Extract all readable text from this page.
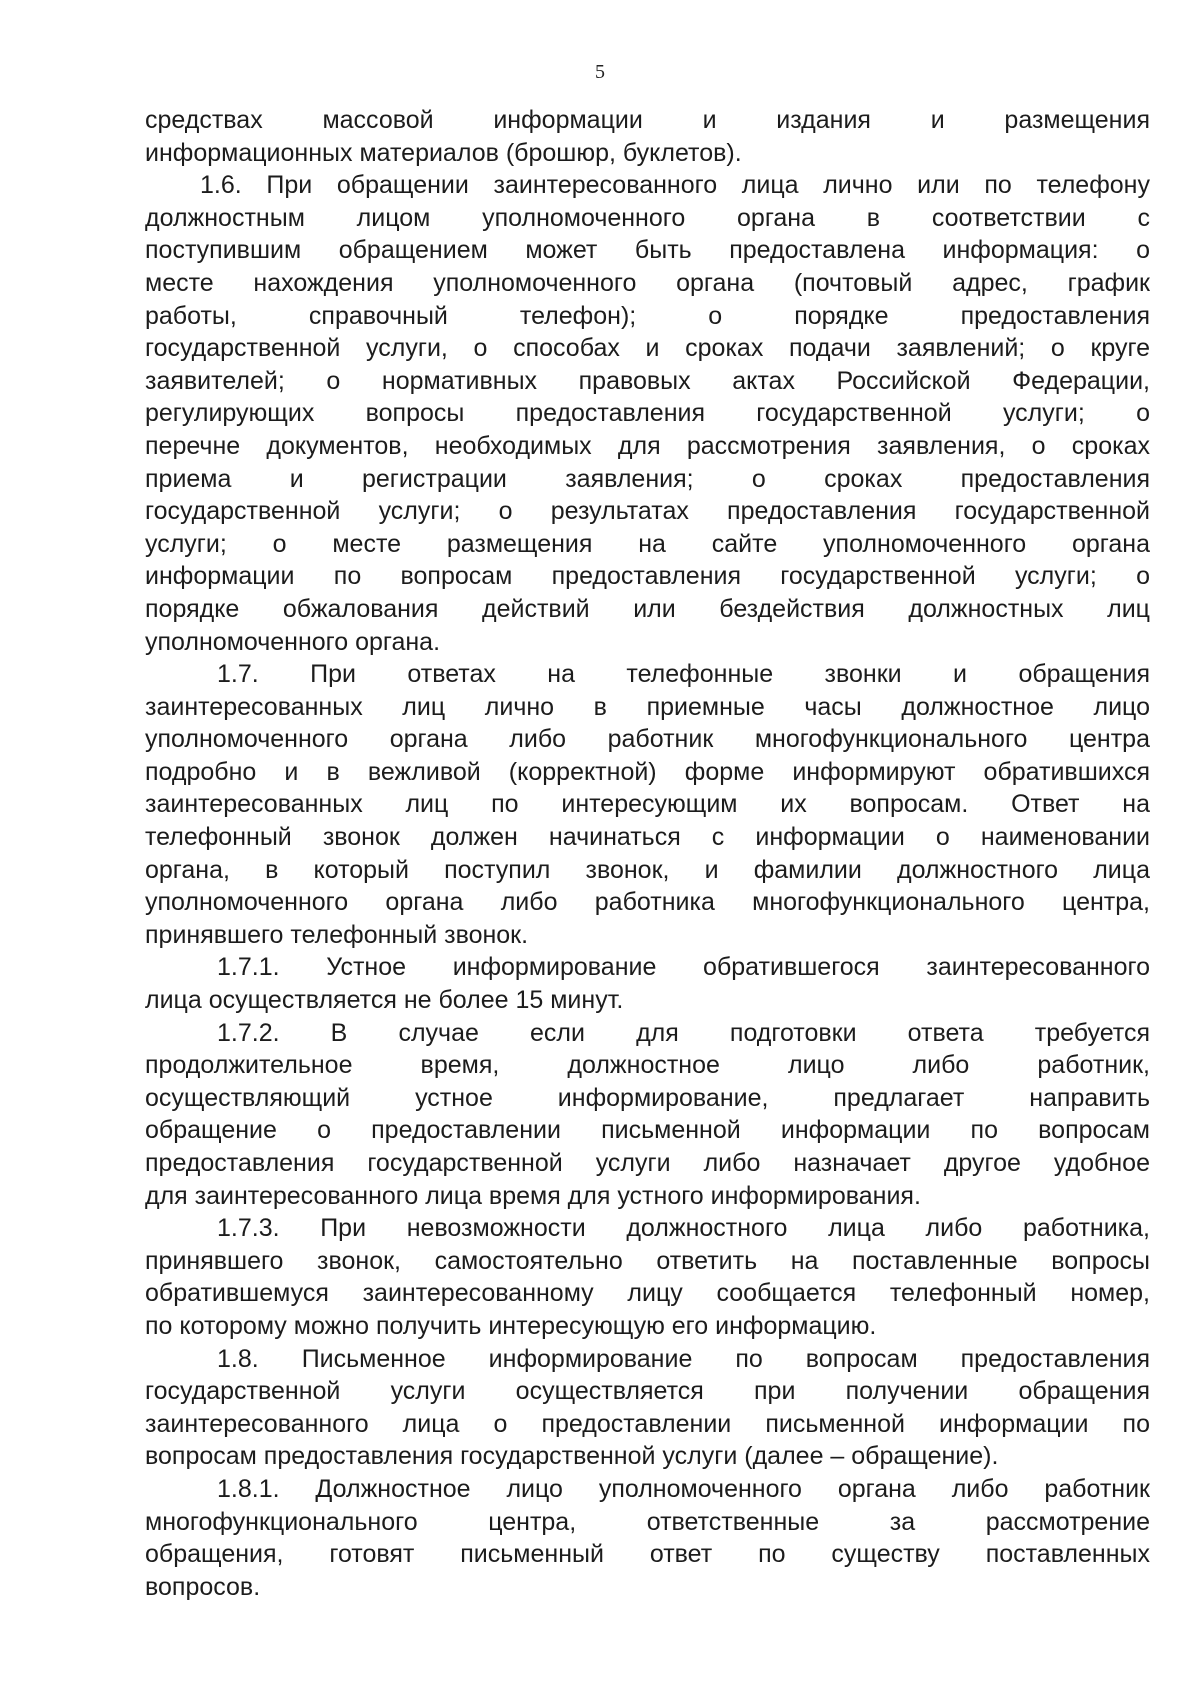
5
средствах массовой информации и издания и размещения
информационных материалов (брошюр, буклетов).
1.6. При обращении заинтересованного лица лично или по телефону
должностным лицом уполномоченного органа в соответствии с
поступившим обращением может быть предоставлена информация: о
месте нахождения уполномоченного органа (почтовый адрес, график
работы, справочный телефон); о порядке предоставления
государственной услуги, о способах и сроках подачи заявлений; о круге
заявителей; о нормативных правовых актах Российской Федерации,
регулирующих вопросы предоставления государственной услуги; о
перечне документов, необходимых для рассмотрения заявления, о сроках
приема и регистрации заявления; о сроках предоставления
государственной услуги; о результатах предоставления государственной
услуги; о месте размещения на сайте уполномоченного органа
информации по вопросам предоставления государственной услуги; о
порядке обжалования действий или бездействия должностных лиц
уполномоченного органа.
1.7. При ответах на телефонные звонки и обращения
заинтересованных лиц лично в приемные часы должностное лицо
уполномоченного органа либо работник многофункционального центра
подробно и в вежливой (корректной) форме информируют обратившихся
заинтересованных лиц по интересующим их вопросам. Ответ на
телефонный звонок должен начинаться с информации о наименовании
органа, в который поступил звонок, и фамилии должностного лица
уполномоченного органа либо работника многофункционального центра,
принявшего телефонный звонок.
1.7.1. Устное информирование обратившегося заинтересованного
лица осуществляется не более 15 минут.
1.7.2. В случае если для подготовки ответа требуется
продолжительное время, должностное лицо либо работник,
осуществляющий устное информирование, предлагает направить
обращение о предоставлении письменной информации по вопросам
предоставления государственной услуги либо назначает другое удобное
для заинтересованного лица время для устного информирования.
1.7.3. При невозможности должностного лица либо работника,
принявшего звонок, самостоятельно ответить на поставленные вопросы
обратившемуся заинтересованному лицу сообщается телефонный номер,
по которому можно получить интересующую его информацию.
1.8. Письменное информирование по вопросам предоставления
государственной услуги осуществляется при получении обращения
заинтересованного лица о предоставлении письменной информации по
вопросам предоставления государственной услуги (далее – обращение).
1.8.1. Должностное лицо уполномоченного органа либо работник
многофункционального центра, ответственные за рассмотрение
обращения, готовят письменный ответ по существу поставленных
вопросов.
